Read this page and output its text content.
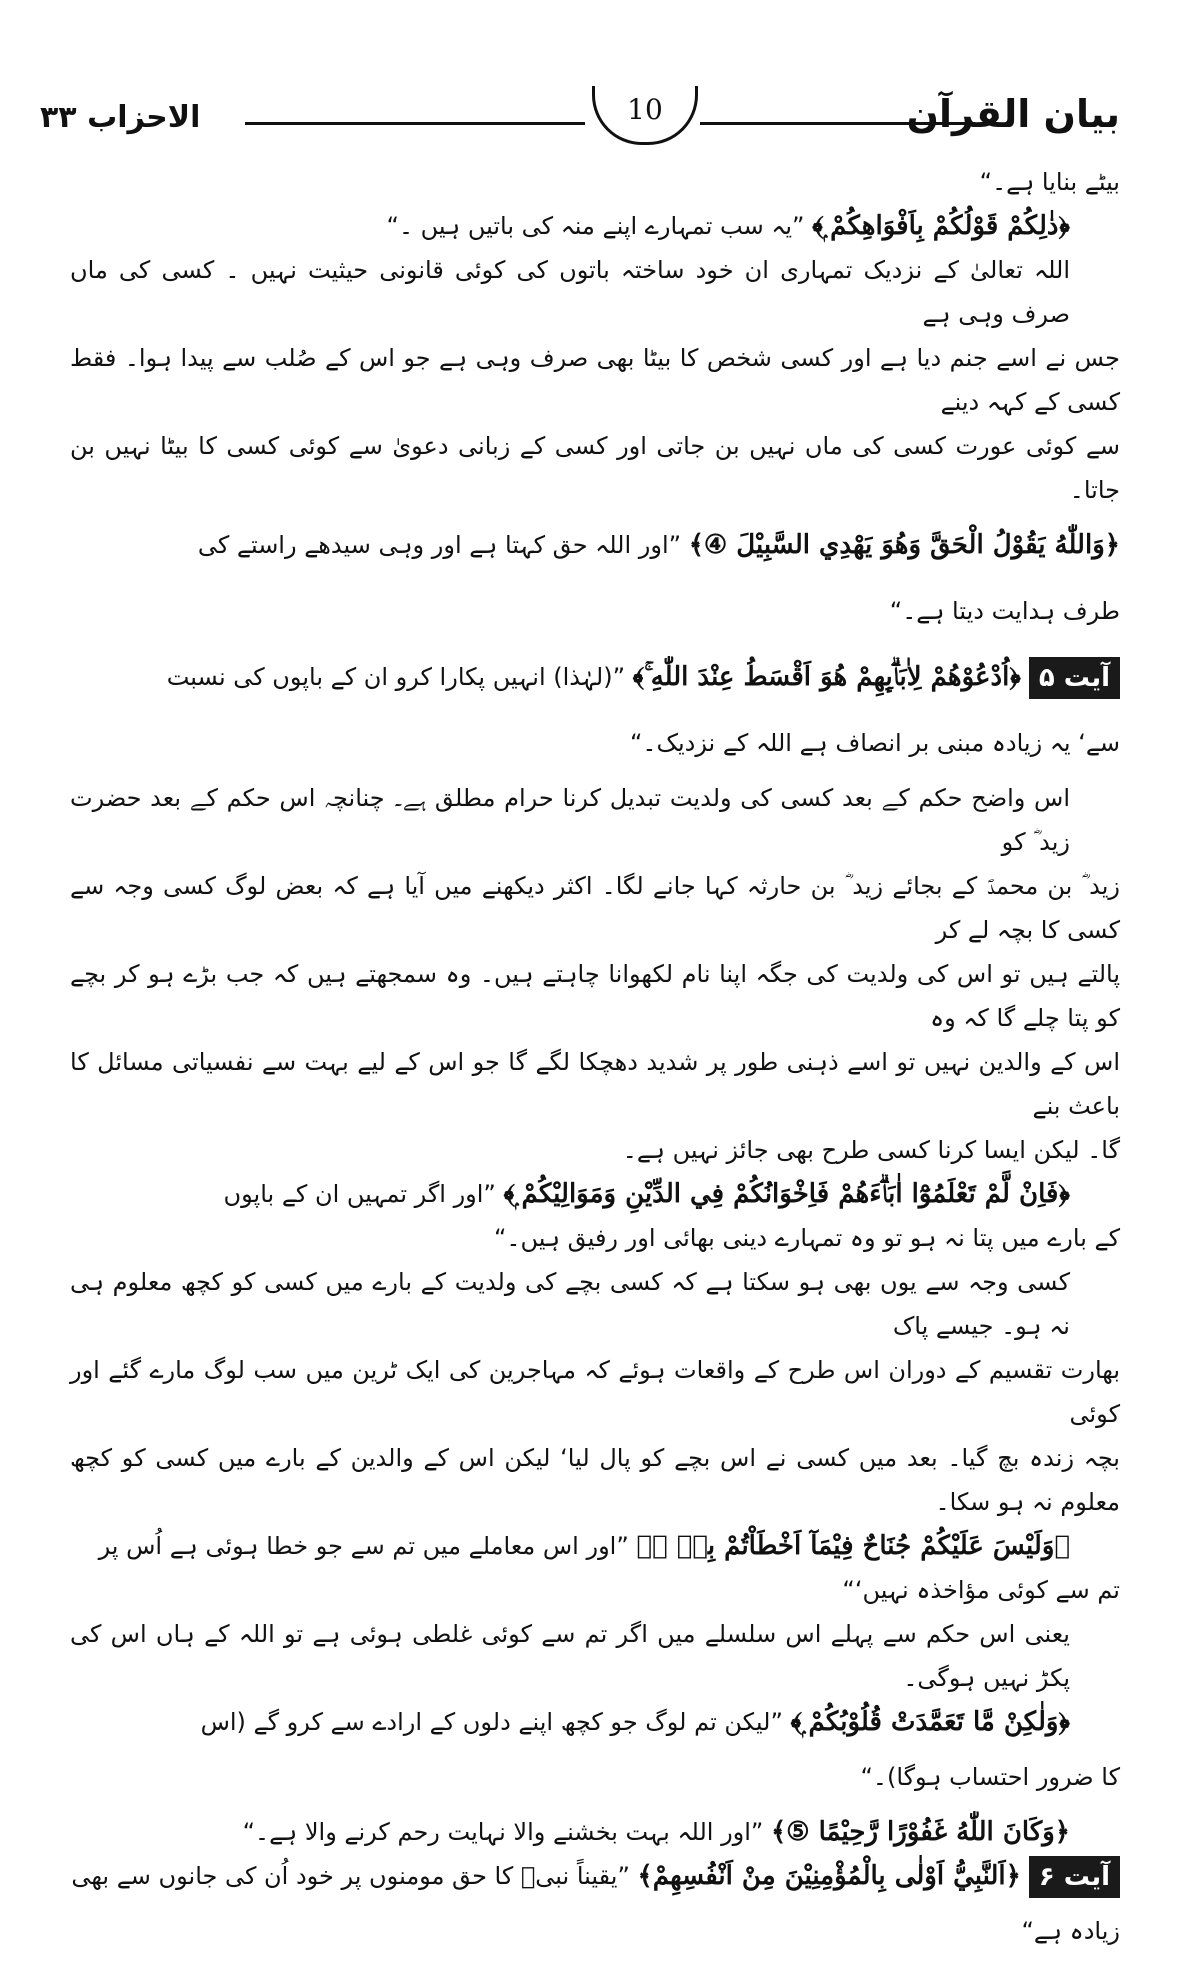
الاحزاب ٣٣	10	بیان القرآن

بیٹے بنایا ہے۔“

﴿ذٰلِكُمْ قَوْلُكُمْ بِاَفْوَاهِكُمْ ۭ﴾ ”یہ سب تمہارے اپنے منہ کی باتیں ہیں ۔“

اللہ تعالیٰ کے نزدیک تمہاری ان خود ساختہ باتوں کی کوئی قانونی حیثیت نہیں ۔ کسی کی ماں صرف وہی ہے

جس نے اسے جنم دیا ہے اور کسی شخص کا بیٹا بھی صرف وہی ہے جو اس کے صُلب سے پیدا ہوا۔ فقط کسی کے کہہ دینے

سے کوئی عورت کسی کی ماں نہیں بن جاتی اور کسی کے زبانی دعویٰ سے کوئی کسی کا بیٹا نہیں بن جاتا۔

﴿وَاللّٰهُ يَقُوْلُ الْحَقَّ وَهُوَ يَهْدِي السَّبِيْلَ ④﴾ ”اور اللہ حق کہتا ہے اور وہی سیدھے راستے کی

طرف ہدایت دیتا ہے۔“

آیت ۵﴿اُدْعُوْهُمْ لِاٰبَاۗىِٕهِمْ هُوَ اَقْسَطُ عِنْدَ اللّٰهِ ۚ﴾ ”(لہٰذا) انہیں پکارا کرو ان کے باپوں کی نسبت

سے‘ یہ زیادہ مبنی بر انصاف ہے اللہ کے نزدیک۔“

اس واضح حکم کے بعد کسی کی ولدیت تبدیل کرنا حرام مطلق ہے۔ چنانچہ اس حکم کے بعد حضرت زید ؓ کو

زید ؓ بن محمدؐ کے بجائے زید ؓ بن حارثہ کہا جانے لگا۔ اکثر دیکھنے میں آیا ہے کہ بعض لوگ کسی وجہ سے کسی کا بچہ لے کر

پالتے ہیں تو اس کی ولدیت کی جگہ اپنا نام لکھوانا چاہتے ہیں۔ وہ سمجھتے ہیں کہ جب بڑے ہو کر بچے کو پتا چلے گا کہ وہ

اس کے والدین نہیں تو اسے ذہنی طور پر شدید دھچکا لگے گا جو اس کے لیے بہت سے نفسیاتی مسائل کا باعث بنے

گا۔ لیکن ایسا کرنا کسی طرح بھی جائز نہیں ہے۔

﴿فَاِنْ لَّمْ تَعْلَمُوْٓا اٰبَاۗءَهُمْ فَاِخْوَانُكُمْ فِي الدِّيْنِ وَمَوَالِيْكُمْ ۭ﴾ ”اور اگر تمہیں ان کے باپوں

کے بارے میں پتا نہ ہو تو وہ تمہارے دینی بھائی اور رفیق ہیں۔“

کسی وجہ سے یوں بھی ہو سکتا ہے کہ کسی بچے کی ولدیت کے بارے میں کسی کو کچھ معلوم ہی نہ ہو۔ جیسے پاک

بھارت تقسیم کے دوران اس طرح کے واقعات ہوئے کہ مہاجرین کی ایک ٹرین میں سب لوگ مارے گئے اور کوئی

بچہ زندہ بچ گیا۔ بعد میں کسی نے اس بچے کو پال لیا‘ لیکن اس کے والدین کے بارے میں کسی کو کچھ معلوم نہ ہو سکا۔

﴿وَلَيْسَ عَلَيْكُمْ جُنَاحٌ فِيْمَآ اَخْطَاْتُمْ بِهٖ ۙ﴾ ”اور اس معاملے میں تم سے جو خطا ہوئی ہے اُس پر

تم سے کوئی مؤاخذہ نہیں‘“

یعنی اس حکم سے پہلے اس سلسلے میں اگر تم سے کوئی غلطی ہوئی ہے تو اللہ کے ہاں اس کی پکڑ نہیں ہوگی۔

﴿وَلٰكِنْ مَّا تَعَمَّدَتْ قُلُوْبُكُمْ ۭ﴾ ”لیکن تم لوگ جو کچھ اپنے دلوں کے ارادے سے کرو گے (اس

کا ضرور احتساب ہوگا)۔“

﴿وَكَانَ اللّٰهُ غَفُوْرًا رَّحِيْمًا ⑤﴾ ”اور اللہ بہت بخشنے والا نہایت رحم کرنے والا ہے۔“

آیت ۶﴿اَلنَّبِيُّ اَوْلٰى بِالْمُؤْمِنِيْنَ مِنْ اَنْفُسِهِمْ﴾ ”یقیناً نبیؐ کا حق مومنوں پر خود اُن کی جانوں سے بھی

زیادہ ہے“
